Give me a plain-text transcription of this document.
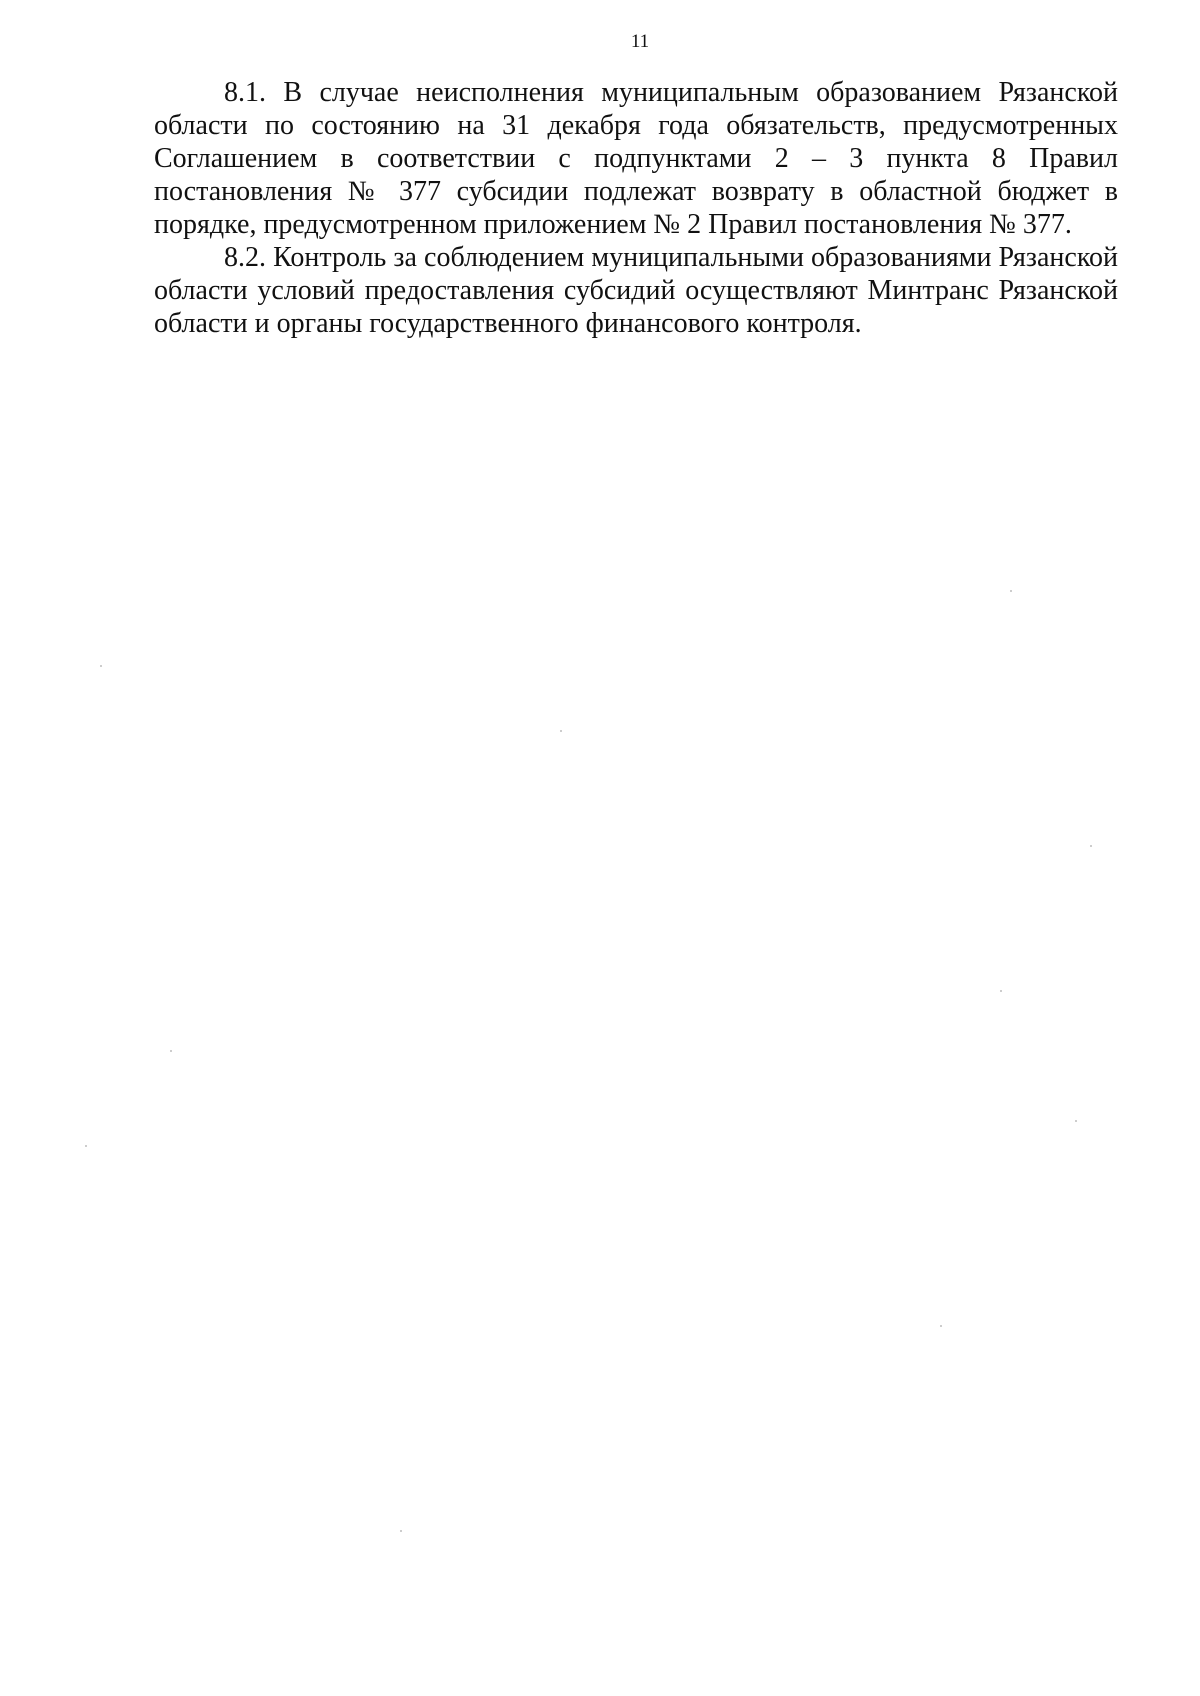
11

8.1. В случае неисполнения муниципальным образованием Рязанской области по состоянию на 31 декабря года обязательств, предусмотренных Соглашением в соответствии с подпунктами 2 – 3 пункта 8 Правил постановления № 377 субсидии подлежат возврату в областной бюджет в порядке, предусмотренном приложением № 2 Правил постановления № 377.

8.2. Контроль за соблюдением муниципальными образованиями Рязанской области условий предоставления субсидий осуществляют Минтранс Рязанской области и органы государственного финансового контроля.
